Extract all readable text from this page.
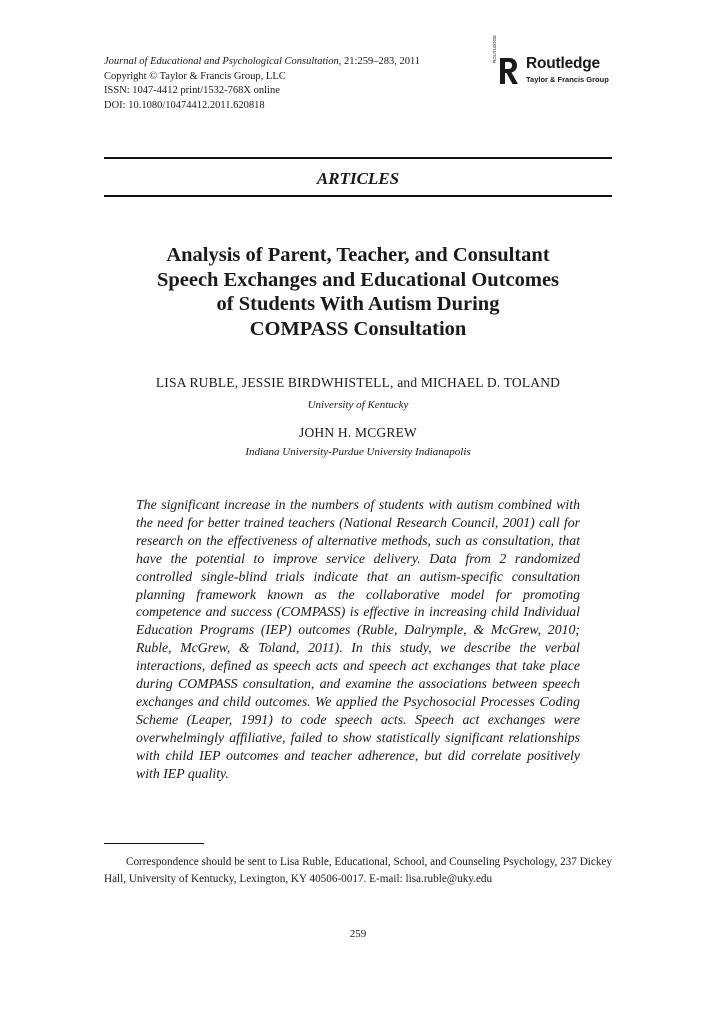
Journal of Educational and Psychological Consultation, 21:259–283, 2011
Copyright © Taylor & Francis Group, LLC
ISSN: 1047-4412 print/1532-768X online
DOI: 10.1080/10474412.2011.620818
ROUTLEDGE
Routledge
Taylor & Francis Group
ARTICLES
Analysis of Parent, Teacher, and Consultant
Speech Exchanges and Educational Outcomes
of Students With Autism During
COMPASS Consultation
LISA RUBLE, JESSIE BIRDWHISTELL, and MICHAEL D. TOLAND
University of Kentucky
JOHN H. MCGREW
Indiana University-Purdue University Indianapolis
The significant increase in the numbers of students with autism combined with the need for better trained teachers (National Research Council, 2001) call for research on the effectiveness of alternative methods, such as consultation, that have the potential to improve service delivery. Data from 2 randomized controlled single-blind trials indicate that an autism-specific consultation planning framework known as the collaborative model for promoting competence and success (COMPASS) is effective in increasing child Individual Education Programs (IEP) outcomes (Ruble, Dalrymple, & McGrew, 2010; Ruble, McGrew, & Toland, 2011). In this study, we describe the verbal interactions, defined as speech acts and speech act exchanges that take place during COMPASS consultation, and examine the associations between speech exchanges and child outcomes. We applied the Psychosocial Processes Coding Scheme (Leaper, 1991) to code speech acts. Speech act exchanges were overwhelmingly affiliative, failed to show statistically significant relationships with child IEP outcomes and teacher adherence, but did correlate positively with IEP quality.
Correspondence should be sent to Lisa Ruble, Educational, School, and Counseling Psychology, 237 Dickey Hall, University of Kentucky, Lexington, KY 40506-0017. E-mail: lisa.ruble@uky.edu
259
